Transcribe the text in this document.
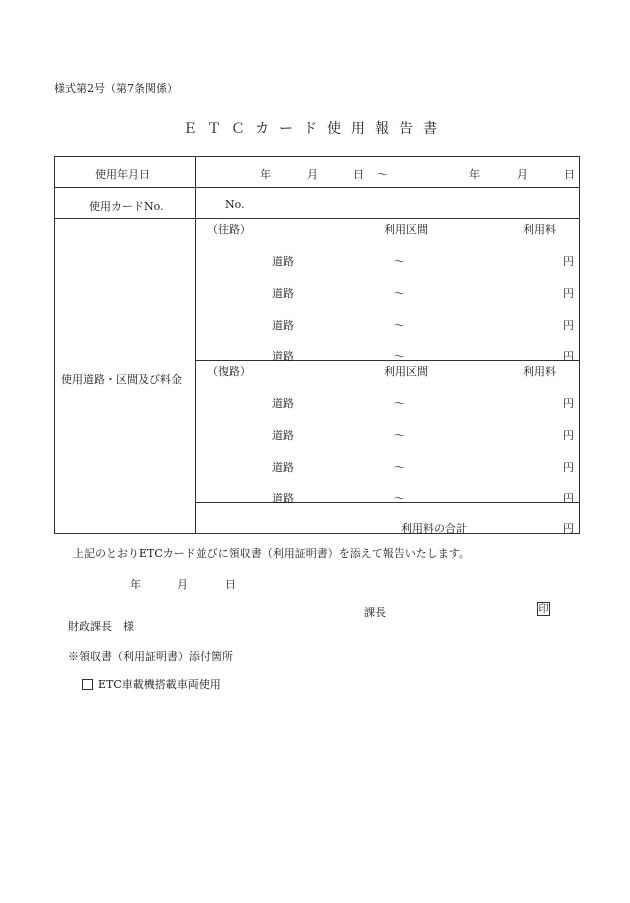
様式第2号（第7条関係）
ＥＴＣカード使用報告書
使用年月日	年	月	日 ～	年	月	日
使用カードNo.	No.
使用道路・区間及び料金
（往路）	利用区間	利用料
道路	～	円
道路	～	円
道路	～	円
道路	～	円
（復路）	利用区間	利用料
道路	～	円
道路	～	円
道路	～	円
道路	～	円
利用料の合計	円
上記のとおりETCカード並びに領収書（利用証明書）を添えて報告いたします。
年	月	日
課長	印
財政課長　様
※領収書（利用証明書）添付箇所
ETC車載機搭載車両使用
